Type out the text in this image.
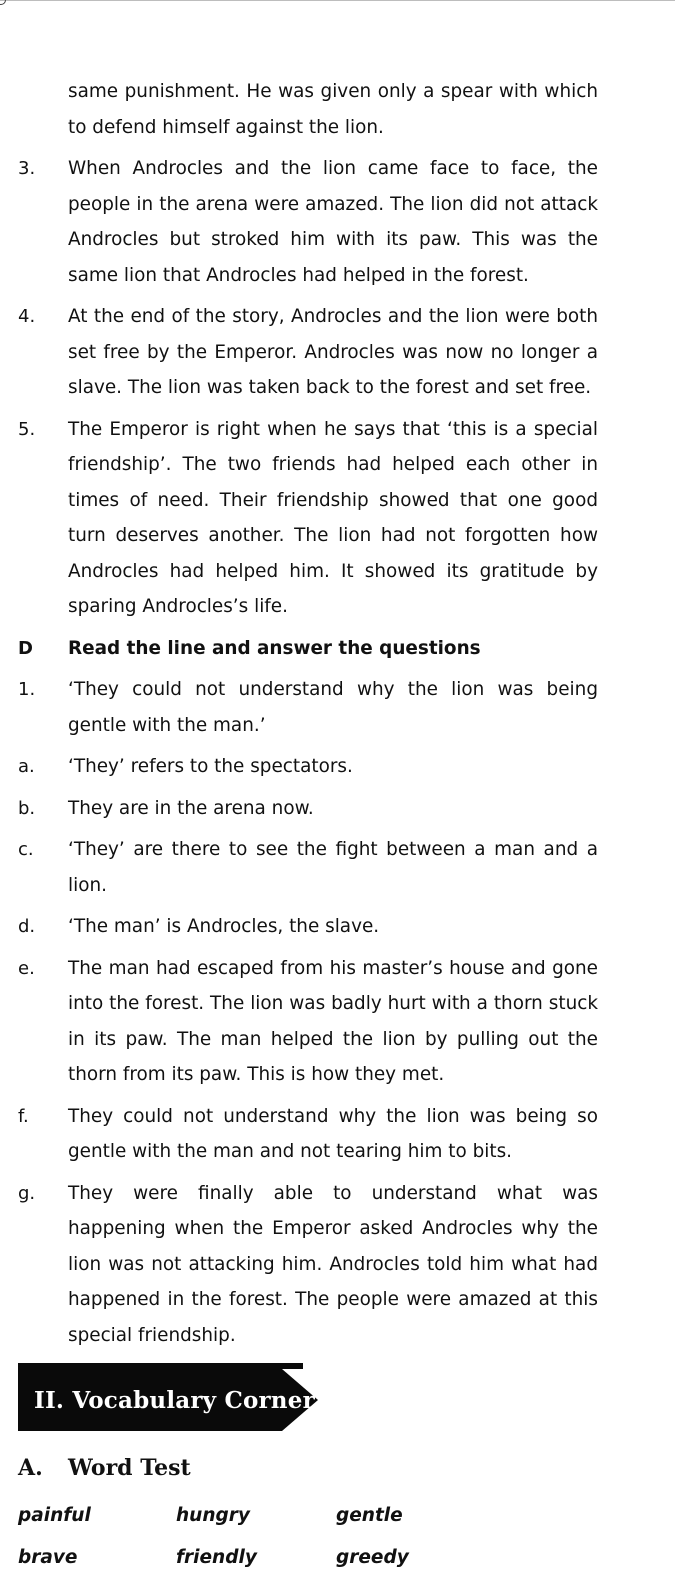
same punishment. He was given only a spear with which to defend himself against the lion.
3.	When Androcles and the lion came face to face, the people in the arena were amazed. The lion did not attack Androcles but stroked him with its paw. This was the same lion that Androcles had helped in the forest.
4.	At the end of the story, Androcles and the lion were both set free by the Emperor. Androcles was now no longer a slave. The lion was taken back to the forest and set free.
5.	The Emperor is right when he says that ‘this is a special friendship’. The two friends had helped each other in times of need. Their friendship showed that one good turn deserves another. The lion had not forgotten how Androcles had helped him. It showed its gratitude by sparing Androcles’s life.
D	Read the line and answer the questions
1.	‘They could not understand why the lion was being gentle with the man.’
a.	‘They’ refers to the spectators.
b.	They are in the arena now.
c.	‘They’ are there to see the fight between a man and a lion.
d.	‘The man’ is Androcles, the slave.
e.	The man had escaped from his master’s house and gone into the forest. The lion was badly hurt with a thorn stuck in its paw. The man helped the lion by pulling out the thorn from its paw. This is how they met.
f.	They could not understand why the lion was being so gentle with the man and not tearing him to bits.
g.	They were finally able to understand what was happening when the Emperor asked Androcles why the lion was not attacking him. Androcles told him what had happened in the forest. The people were amazed at this special friendship.
II. Vocabulary Corner
A.	Word Test
painful	hungry	gentle
brave	friendly	greedy
